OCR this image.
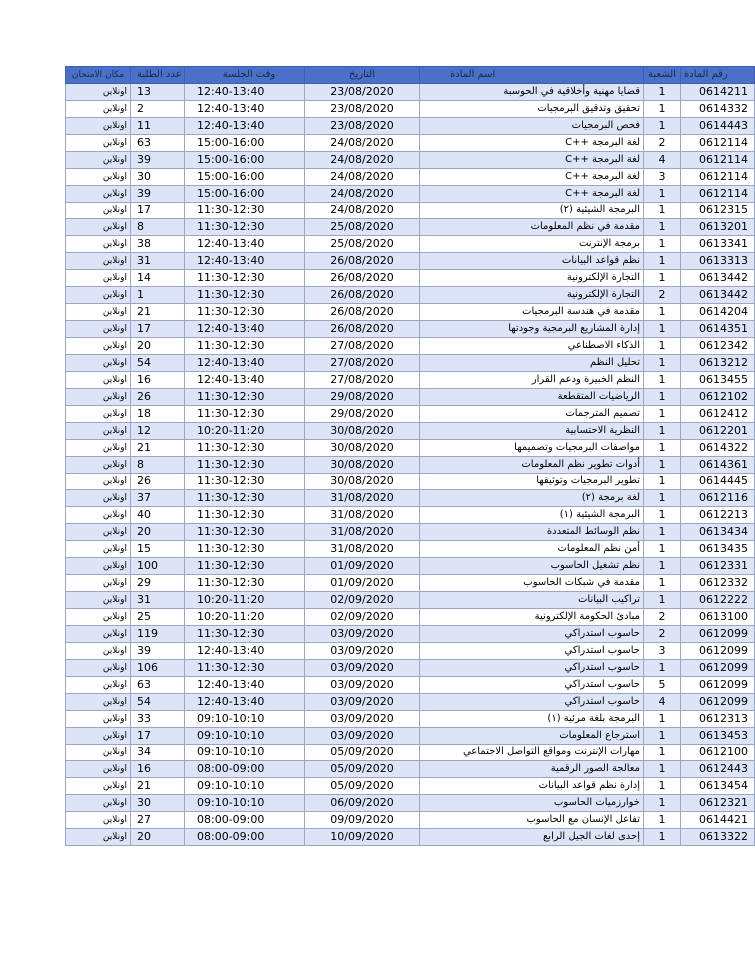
رقم المادة	الشعبة	اسم المادة	التاريخ	وقت الجلسة	عدد الطلبة	مكان الامتحان
0614211	1	قضايا مهنية وأخلاقية في الحوسبة	23/08/2020	12:40-13:40	13	اونلاين
0614332	1	تحقيق وتدقيق البرمجيات	23/08/2020	12:40-13:40	2	اونلاين
0614443	1	فحص البرمجيات	23/08/2020	12:40-13:40	11	اونلاين
0612114	2	لغة البرمجة ++C	24/08/2020	15:00-16:00	63	اونلاين
0612114	4	لغة البرمجة ++C	24/08/2020	15:00-16:00	39	اونلاين
0612114	3	لغة البرمجة ++C	24/08/2020	15:00-16:00	30	اونلاين
0612114	1	لغة البرمجة ++C	24/08/2020	15:00-16:00	39	اونلاين
0612315	1	البرمجة الشيئية (٢)	24/08/2020	11:30-12:30	17	اونلاين
0613201	1	مقدمة في نظم المعلومات	25/08/2020	11:30-12:30	8	اونلاين
0613341	1	برمجة الإنترنت	25/08/2020	12:40-13:40	38	اونلاين
0613313	1	نظم قواعد البيانات	26/08/2020	12:40-13:40	31	اونلاين
0613442	1	التجارة الإلكترونية	26/08/2020	11:30-12:30	14	اونلاين
0613442	2	التجارة الإلكترونية	26/08/2020	11:30-12:30	1	اونلاين
0614204	1	مقدمة في هندسة البرمجيات	26/08/2020	11:30-12:30	21	اونلاين
0614351	1	إدارة المشاريع البرمجية وجودتها	26/08/2020	12:40-13:40	17	اونلاين
0612342	1	الذكاء الاصطناعي	27/08/2020	11:30-12:30	20	اونلاين
0613212	1	تحليل النظم	27/08/2020	12:40-13:40	54	اونلاين
0613455	1	النظم الخبيرة ودعم القرار	27/08/2020	12:40-13:40	16	اونلاين
0612102	1	الرياضيات المتقطعة	29/08/2020	11:30-12:30	26	اونلاين
0612412	1	تصميم المترجمات	29/08/2020	11:30-12:30	18	اونلاين
0612201	1	النظرية الاحتسابية	30/08/2020	10:20-11:20	12	اونلاين
0614322	1	مواصفات البرمجيات وتصميمها	30/08/2020	11:30-12:30	21	اونلاين
0614361	1	أدوات تطوير نظم المعلومات	30/08/2020	11:30-12:30	8	اونلاين
0614445	1	تطوير البرمجيات وتوثيقها	30/08/2020	11:30-12:30	26	اونلاين
0612116	1	لغة برمجة (٢)	31/08/2020	11:30-12:30	37	اونلاين
0612213	1	البرمجة الشيئية (١)	31/08/2020	11:30-12:30	40	اونلاين
0613434	1	نظم الوسائط المتعددة	31/08/2020	11:30-12:30	20	اونلاين
0613435	1	أمن نظم المعلومات	31/08/2020	11:30-12:30	15	اونلاين
0612331	1	نظم تشغيل الحاسوب	01/09/2020	11:30-12:30	100	اونلاين
0612332	1	مقدمة في شبكات الحاسوب	01/09/2020	11:30-12:30	29	اونلاين
0612222	1	تراكيب البيانات	02/09/2020	10:20-11:20	31	اونلاين
0613100	2	مبادئ الحكومة الإلكترونية	02/09/2020	10:20-11:20	25	اونلاين
0612099	2	حاسوب استدراكي	03/09/2020	11:30-12:30	119	اونلاين
0612099	3	حاسوب استدراكي	03/09/2020	12:40-13:40	39	اونلاين
0612099	1	حاسوب استدراكي	03/09/2020	11:30-12:30	106	اونلاين
0612099	5	حاسوب استدراكي	03/09/2020	12:40-13:40	63	اونلاين
0612099	4	حاسوب استدراكي	03/09/2020	12:40-13:40	54	اونلاين
0612313	1	البرمجة بلغة مرئية (١)	03/09/2020	09:10-10:10	33	اونلاين
0613453	1	استرجاع المعلومات	03/09/2020	09:10-10:10	17	اونلاين
0612100	1	مهارات الإنترنت ومواقع التواصل الاجتماعي	05/09/2020	09:10-10:10	34	اونلاين
0612443	1	معالجة الصور الرقمية	05/09/2020	08:00-09:00	16	اونلاين
0613454	1	إدارة نظم قواعد البيانات	05/09/2020	09:10-10:10	21	اونلاين
0612321	1	خوارزميات الحاسوب	06/09/2020	09:10-10:10	30	اونلاين
0614421	1	تفاعل الإنسان مع الحاسوب	09/09/2020	08:00-09:00	27	اونلاين
0613322	1	إحدى لغات الجيل الرابع	10/09/2020	08:00-09:00	20	اونلاين
